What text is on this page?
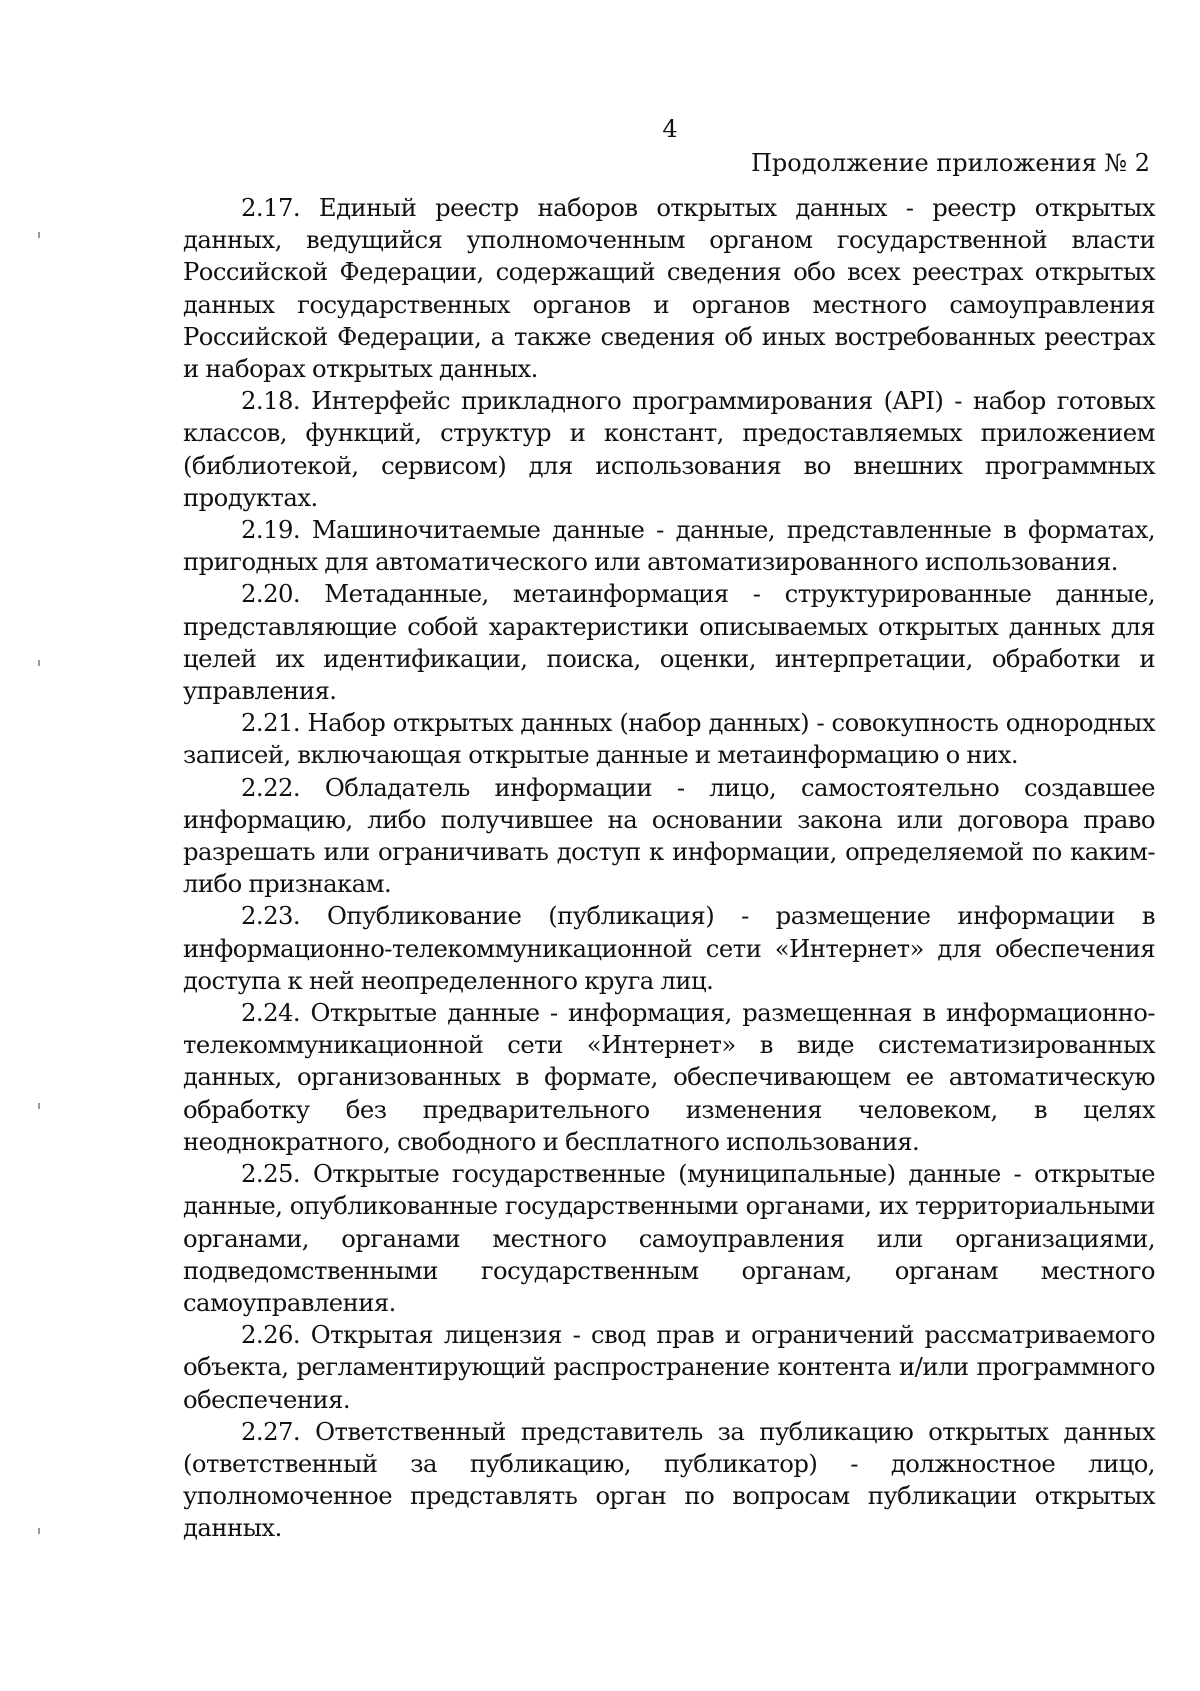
4
Продолжение приложения № 2

2.17. Единый реестр наборов открытых данных - реестр открытых данных, ведущийся уполномоченным органом государственной власти Российской Федерации, содержащий сведения обо всех реестрах открытых данных государственных органов и органов местного самоуправления Российской Федерации, а также сведения об иных востребованных реестрах и наборах открытых данных.

2.18. Интерфейс прикладного программирования (API) - набор готовых классов, функций, структур и констант, предоставляемых приложением (библиотекой, сервисом) для использования во внешних программных продуктах.

2.19. Машиночитаемые данные - данные, представленные в форматах, пригодных для автоматического или автоматизированного использования.

2.20. Метаданные, метаинформация - структурированные данные, представляющие собой характеристики описываемых открытых данных для целей их идентификации, поиска, оценки, интерпретации, обработки и управления.

2.21. Набор открытых данных (набор данных) - совокупность однородных записей, включающая открытые данные и метаинформацию о них.

2.22. Обладатель информации - лицо, самостоятельно создавшее информацию, либо получившее на основании закона или договора право разрешать или ограничивать доступ к информации, определяемой по каким-либо признакам.

2.23. Опубликование (публикация) - размещение информации в информационно-телекоммуникационной сети «Интернет» для обеспечения доступа к ней неопределенного круга лиц.

2.24. Открытые данные - информация, размещенная в информационно-телекоммуникационной сети «Интернет» в виде систематизированных данных, организованных в формате, обеспечивающем ее автоматическую обработку без предварительного изменения человеком, в целях неоднократного, свободного и бесплатного использования.

2.25. Открытые государственные (муниципальные) данные - открытые данные, опубликованные государственными органами, их территориальными органами, органами местного самоуправления или организациями, подведомственными государственным органам, органам местного самоуправления.

2.26. Открытая лицензия - свод прав и ограничений рассматриваемого объекта, регламентирующий распространение контента и/или программного обеспечения.

2.27. Ответственный представитель за публикацию открытых данных (ответственный за публикацию, публикатор) - должностное лицо, уполномоченное представлять орган по вопросам публикации открытых данных.
